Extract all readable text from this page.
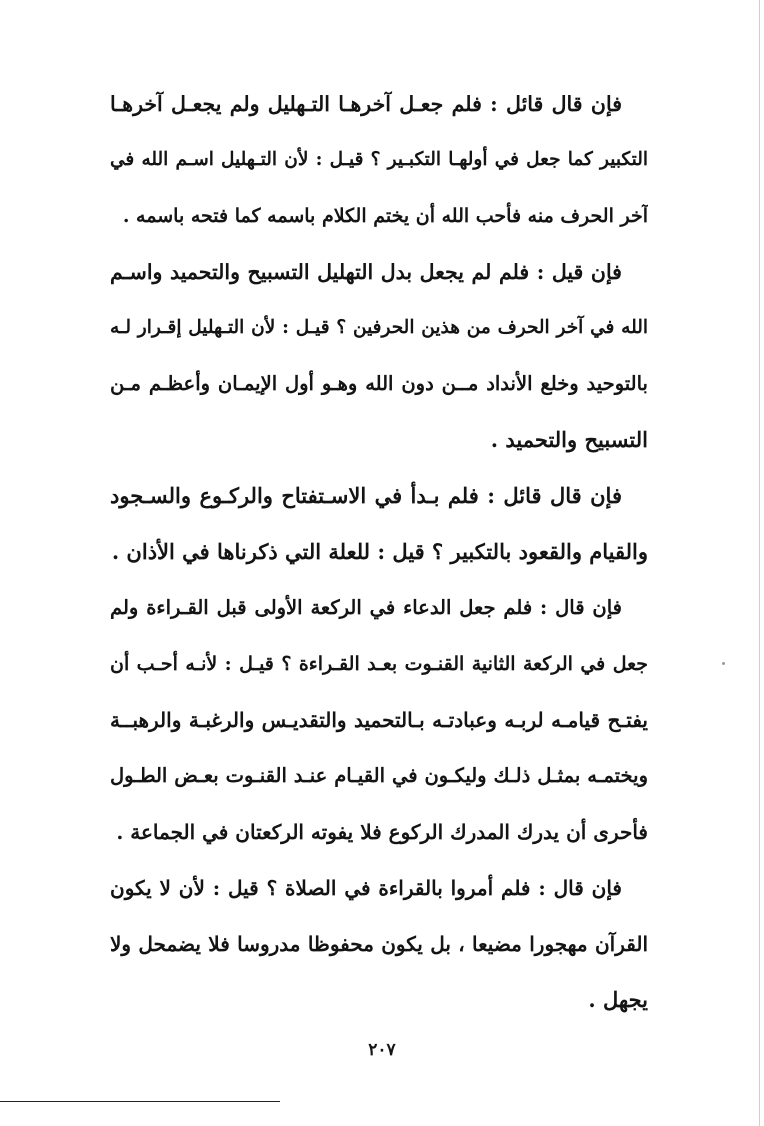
فإن قال قائل : فلم جعـل آخرهـا التـهليل ولم يجعـل آخرهـا
التكبير كما جعل في أولهـا التكبـير ؟ قيـل : لأن التـهليل اسـم الله في
آخر الحرف منه فأحب الله أن يختم الكلام باسمه كما فتحه باسمه .
فإن قيل : فلم لم يجعل بدل التهليل التسبيح والتحميد واسـم
الله في آخر الحرف من هذين الحرفين ؟ قيـل : لأن التـهليل إقـرار لـه
بالتوحيد وخلع الأنداد مــن دون الله وهـو أول الإيمـان وأعظـم مـن
التسبيح والتحميد .
فإن قال قائل : فلم بـدأ في الاسـتفتاح والركـوع والسـجود
والقيام والقعود بالتكبير ؟ قيل : للعلة التي ذكرناها في الأذان .
فإن قال : فلم جعل الدعاء في الركعة الأولى قبل القـراءة ولم
جعل في الركعة الثانية القنـوت بعـد القـراءة ؟ قيـل : لأنـه أحـب أن
يفتـح قيامـه لربـه وعبادتـه بـالتحميد والتقديـس والرغبـة والرهبــة
ويختمـه بمثـل ذلـك وليكـون في القيـام عنـد القنـوت بعـض الطـول
فأحرى أن يدرك المدرك الركوع فلا يفوته الركعتان في الجماعة .
فإن قال : فلم أمروا بالقراءة في الصلاة ؟ قيل : لأن لا يكون
القرآن مهجورا مضيعا ، بل يكون محفوظا مدروسا فلا يضمحل ولا
يجهل .
٢٠٧
